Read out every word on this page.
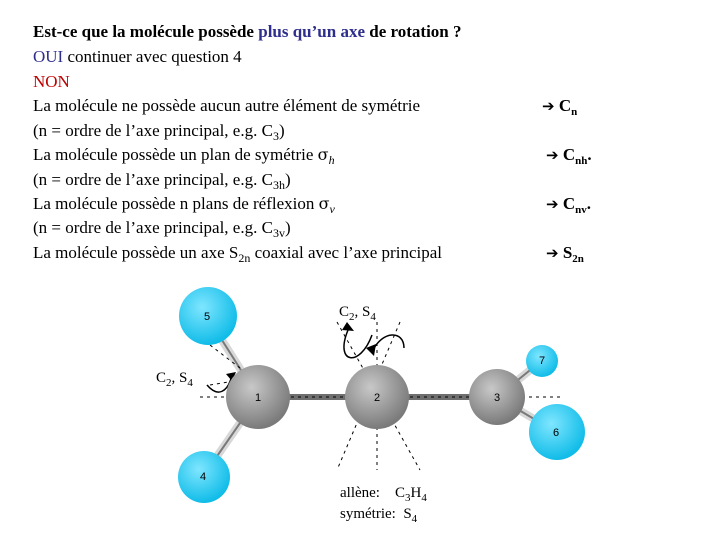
Est-ce que la molécule possède plus qu’un axe de rotation ?
OUI continuer avec question 4
NON
La molécule ne possède aucun autre élément de symétrie	➔ $C_n$
(n = ordre de l’axe principal, e.g. $C_3$)
La molécule possède un plan de symétrie $\sigma_h$	➔ $C_{nh}$.
(n = ordre de l’axe principal, e.g. $C_{3h}$)
La molécule possède n plans de réflexion $\sigma_v$	➔ $C_{nv}$.
(n = ordre de l’axe principal, e.g. $C_{3v}$)
La molécule possède un axe $S_{2n}$ coaxial avec l’axe principal	➔ $S_{2n}$
5
4
7
6
1	2	3
$C_2$, $S_4$
$C_2$, $S_4$
allène:    $C_3H_4$
symétrie:  $S_4$
